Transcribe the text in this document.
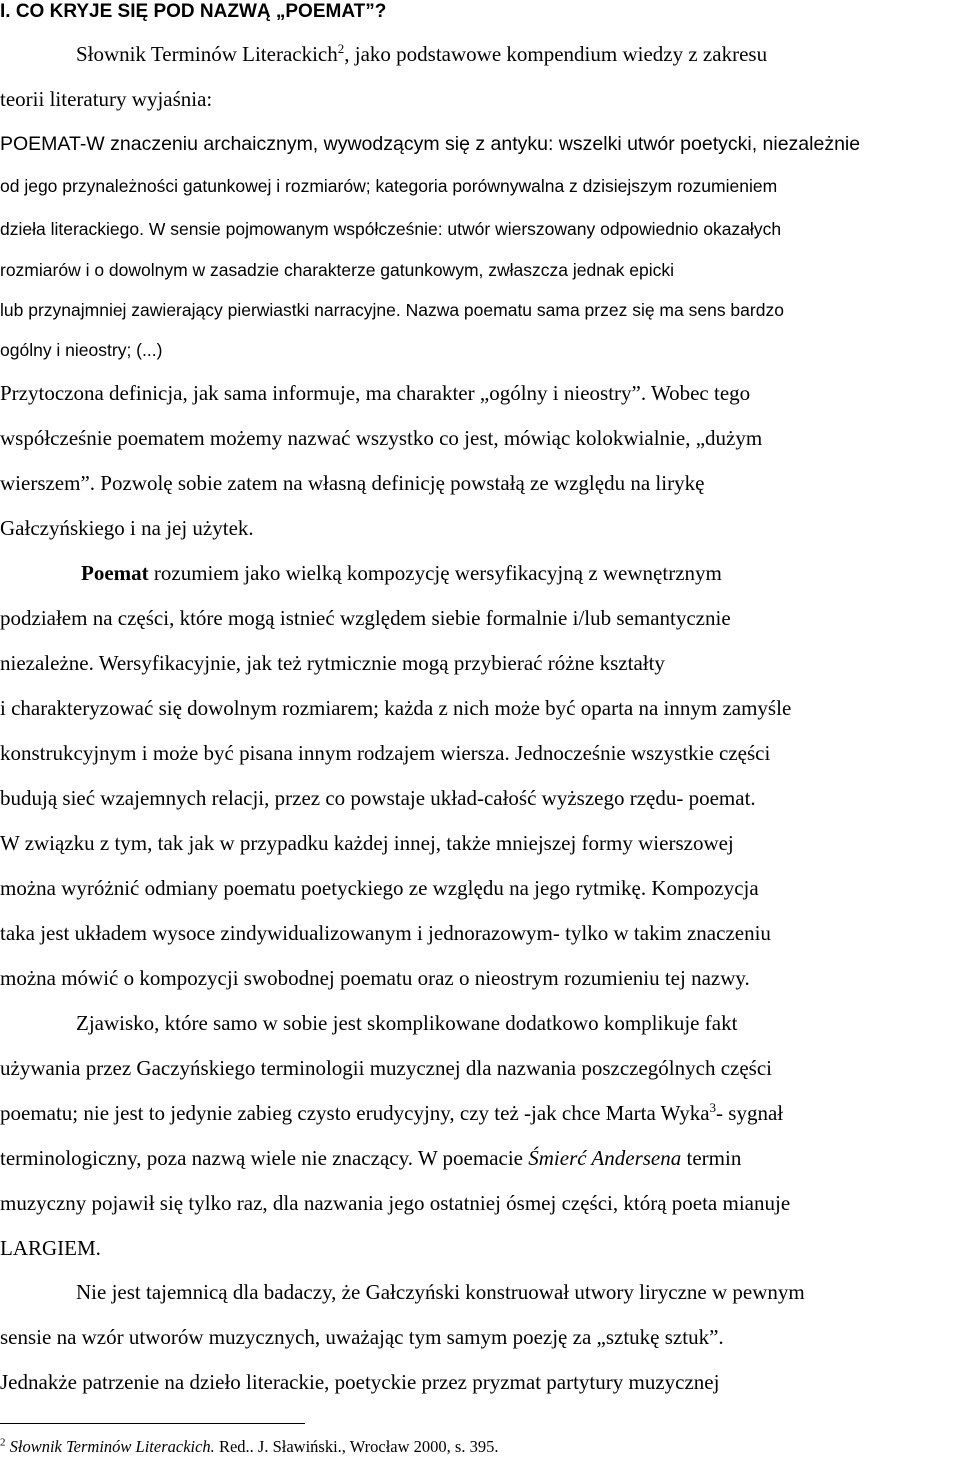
I. CO KRYJE SIĘ POD NAZWĄ „POEMAT”?
Słownik Terminów Literackich$^2$, jako podstawowe kompendium wiedzy z zakresu
teorii literatury wyjaśnia:
POEMAT-W znaczeniu archaicznym, wywodzącym się z antyku: wszelki utwór poetycki, niezależnie
od jego przynależności gatunkowej i rozmiarów; kategoria porównywalna z dzisiejszym rozumieniem
dzieła literackiego. W sensie pojmowanym współcześnie: utwór wierszowany odpowiednio okazałych
rozmiarów i o dowolnym w zasadzie charakterze gatunkowym, zwłaszcza jednak epicki
lub przynajmniej zawierający pierwiastki narracyjne. Nazwa poematu sama przez się ma sens bardzo
ogólny i nieostry; (...)
Przytoczona definicja, jak sama informuje, ma charakter „ogólny i nieostry”. Wobec tego
współcześnie poematem możemy nazwać wszystko co jest, mówiąc kolokwialnie, „dużym
wierszem”. Pozwolę sobie zatem na własną definicję powstałą ze względu na lirykę
Gałczyńskiego i na jej użytek.
Poemat rozumiem jako wielką kompozycję wersyfikacyjną z wewnętrznym
podziałem na części, które mogą istnieć względem siebie formalnie i/lub semantycznie
niezależne. Wersyfikacyjnie, jak też rytmicznie mogą przybierać różne kształty
i charakteryzować się dowolnym rozmiarem; każda z nich może być oparta na innym zamyśle
konstrukcyjnym i może być pisana innym rodzajem wiersza. Jednocześnie wszystkie części
budują sieć wzajemnych relacji, przez co powstaje układ-całość wyższego rzędu- poemat.
W związku z tym, tak jak w przypadku każdej innej, także mniejszej formy wierszowej
można wyróżnić odmiany poematu poetyckiego ze względu na jego rytmikę. Kompozycja
taka jest układem wysoce zindywidualizowanym i jednorazowym- tylko w takim znaczeniu
można mówić o kompozycji swobodnej poematu oraz o nieostrym rozumieniu tej nazwy.
Zjawisko, które samo w sobie jest skomplikowane dodatkowo komplikuje fakt
używania przez Gaczyńskiego terminologii muzycznej dla nazwania poszczególnych części
poematu; nie jest to jedynie zabieg czysto erudycyjny, czy też -jak chce Marta Wyka$^3$- sygnał
terminologiczny, poza nazwą wiele nie znaczący. W poemacie Śmierć Andersena termin
muzyczny pojawił się tylko raz, dla nazwania jego ostatniej ósmej części, którą poeta mianuje
LARGIEM.
Nie jest tajemnicą dla badaczy, że Gałczyński konstruował utwory liryczne w pewnym
sensie na wzór utworów muzycznych, uważając tym samym poezję za „sztukę sztuk”.
Jednakże patrzenie na dzieło literackie, poetyckie przez pryzmat partytury muzycznej
$^2$ Słownik Terminów Literackich. Red.. J. Sławiński., Wrocław 2000, s. 395.
